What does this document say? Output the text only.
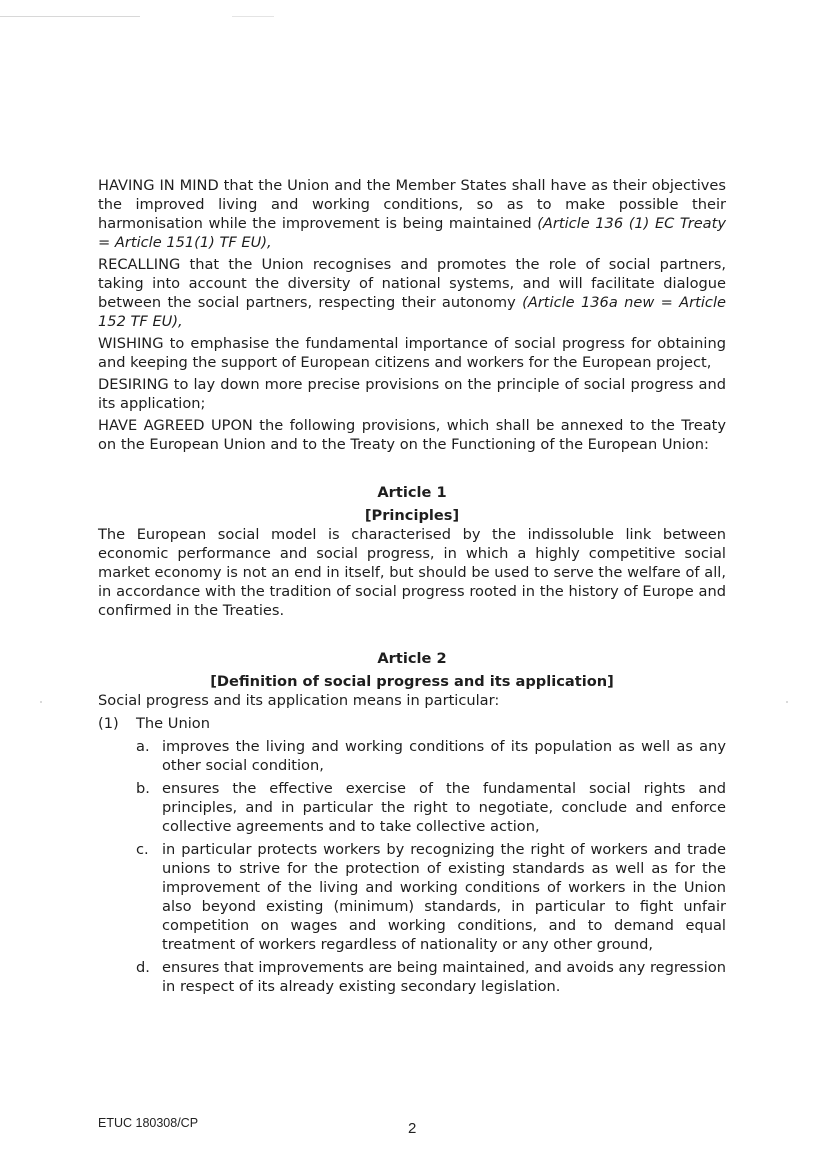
HAVING IN MIND that the Union and the Member States shall have as their objectives the improved living and working conditions, so as to make possible their harmonisation while the improvement is being maintained (Article 136 (1) EC Treaty = Article 151(1) TF EU),

RECALLING that the Union recognises and promotes the role of social partners, taking into account the diversity of national systems, and will facilitate dialogue between the social partners, respecting their autonomy (Article 136a new = Article 152 TF EU),

WISHING to emphasise the fundamental importance of social progress for obtaining and keeping the support of European citizens and workers for the European project,

DESIRING to lay down more precise provisions on the principle of social progress and its application;

HAVE AGREED UPON the following provisions, which shall be annexed to the Treaty on the European Union and to the Treaty on the Functioning of the European Union:

Article 1

[Principles]

The European social model is characterised by the indissoluble link between economic performance and social progress, in which a highly competitive social market economy is not an end in itself, but should be used to serve the welfare of all, in accordance with the tradition of social progress rooted in the history of Europe and confirmed in the Treaties.

Article 2

[Definition of social progress and its application]

Social progress and its application means in particular:

(1) The Union

a. improves the living and working conditions of its population as well as any other social condition,
b. ensures the effective exercise of the fundamental social rights and principles, and in particular the right to negotiate, conclude and enforce collective agreements and to take collective action,
c. in particular protects workers by recognizing the right of workers and trade unions to strive for the protection of existing standards as well as for the improvement of the living and working conditions of workers in the Union also beyond existing (minimum) standards, in particular to fight unfair competition on wages and working conditions, and to demand equal treatment of workers regardless of nationality or any other ground,
d. ensures that improvements are being maintained, and avoids any regression in respect of its already existing secondary legislation.
ETUC 180308/CP	2
